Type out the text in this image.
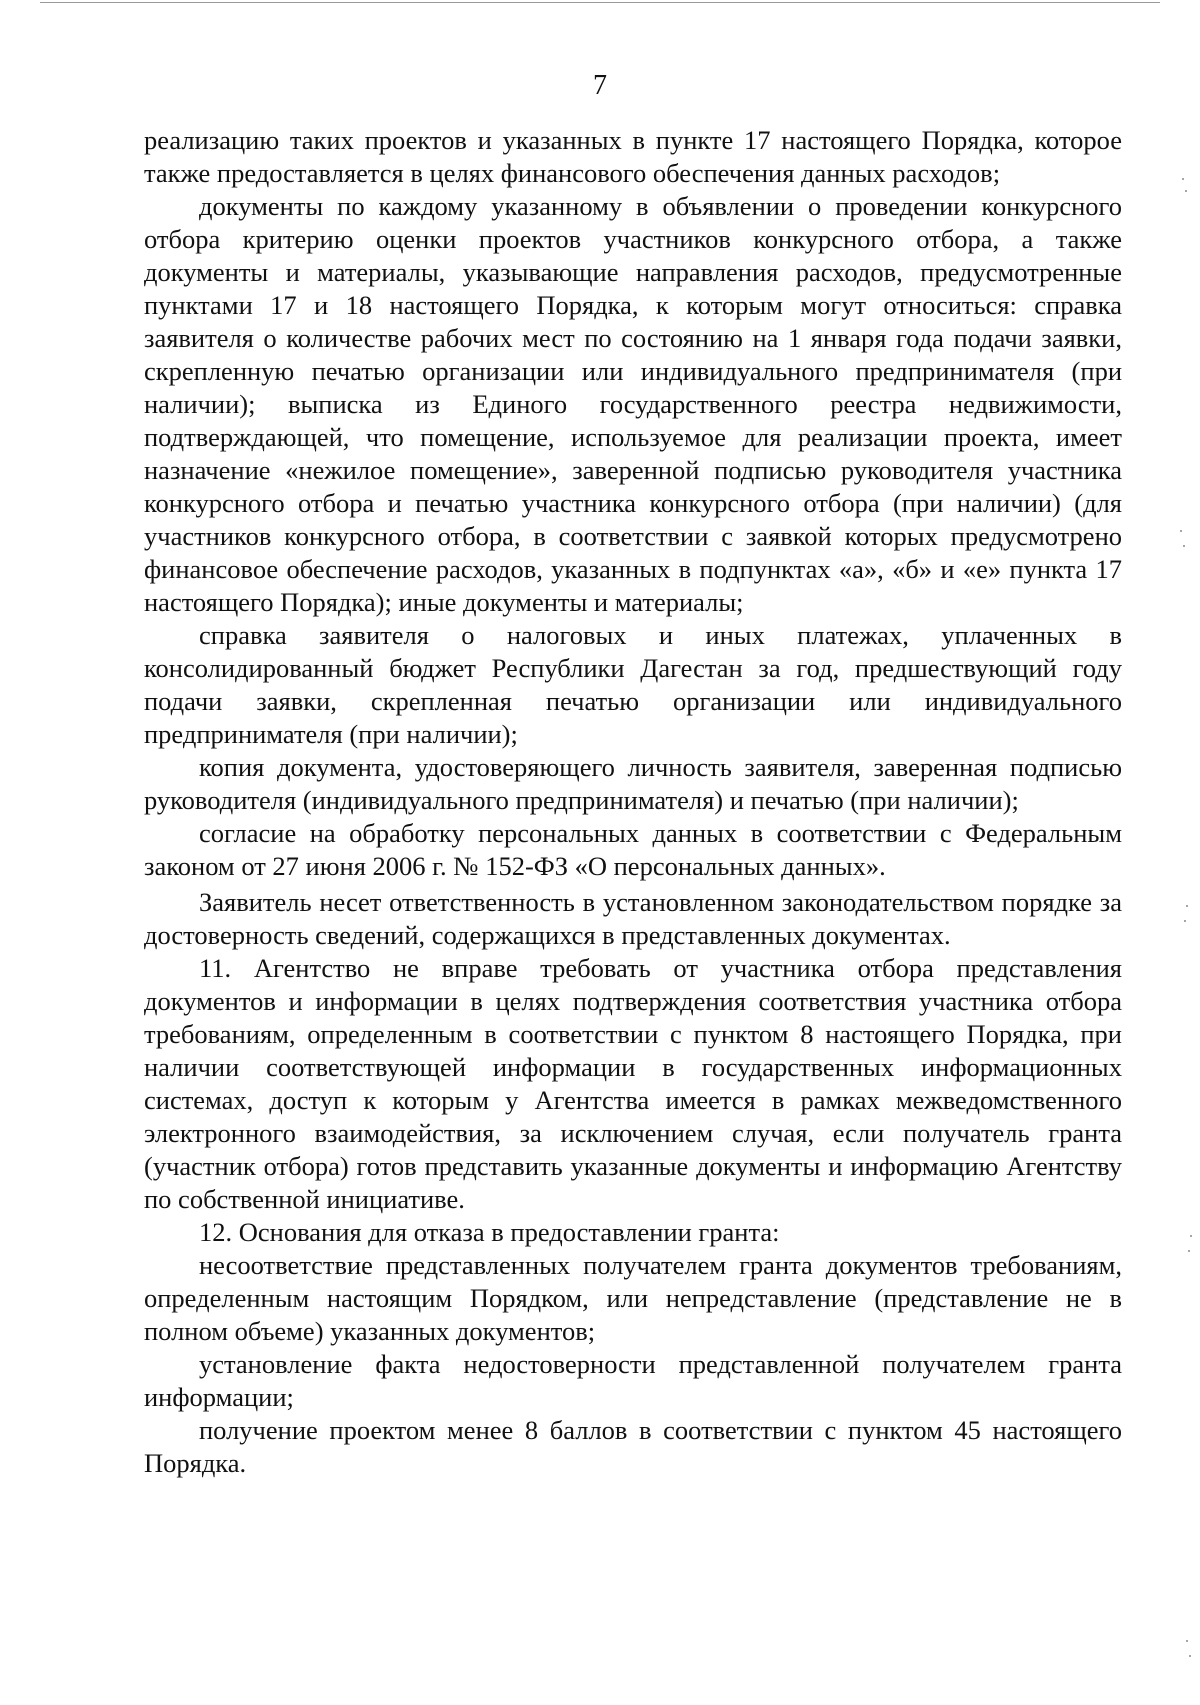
7

реализацию таких проектов и указанных в пункте 17 настоящего Порядка, которое также предоставляется в целях финансового обеспечения данных расходов;

документы по каждому указанному в объявлении о проведении конкурсного отбора критерию оценки проектов участников конкурсного отбора, а также документы и материалы, указывающие направления расходов, предусмотренные пунктами 17 и 18 настоящего Порядка, к которым могут относиться: справка заявителя о количестве рабочих мест по состоянию на 1 января года подачи заявки, скрепленную печатью организации или индивидуального предпринимателя (при наличии); выписка из Единого государственного реестра недвижимости, подтверждающей, что помещение, используемое для реализации проекта, имеет назначение «нежилое помещение», заверенной подписью руководителя участника конкурсного отбора и печатью участника конкурсного отбора (при наличии) (для участников конкурсного отбора, в соответствии с заявкой которых предусмотрено финансовое обеспечение расходов, указанных в подпунктах «а», «б» и «е» пункта 17 настоящего Порядка); иные документы и материалы;

справка заявителя о налоговых и иных платежах, уплаченных в консолидированный бюджет Республики Дагестан за год, предшествующий году подачи заявки, скрепленная печатью организации или индивидуального предпринимателя (при наличии);

копия документа, удостоверяющего личность заявителя, заверенная подписью руководителя (индивидуального предпринимателя) и печатью (при наличии);

согласие на обработку персональных данных в соответствии с Федеральным законом от 27 июня 2006 г. № 152-ФЗ «О персональных данных».

Заявитель несет ответственность в установленном законодательством порядке за достоверность сведений, содержащихся в представленных документах.

11. Агентство не вправе требовать от участника отбора представления документов и информации в целях подтверждения соответствия участника отбора требованиям, определенным в соответствии с пунктом 8 настоящего Порядка, при наличии соответствующей информации в государственных информационных системах, доступ к которым у Агентства имеется в рамках межведомственного электронного взаимодействия, за исключением случая, если получатель гранта (участник отбора) готов представить указанные документы и информацию Агентству по собственной инициативе.

12. Основания для отказа в предоставлении гранта:

несоответствие представленных получателем гранта документов требованиям, определенным настоящим Порядком, или непредставление (представление не в полном объеме) указанных документов;

установление факта недостоверности представленной получателем гранта информации;

получение проектом менее 8 баллов в соответствии с пунктом 45 настоящего Порядка.
